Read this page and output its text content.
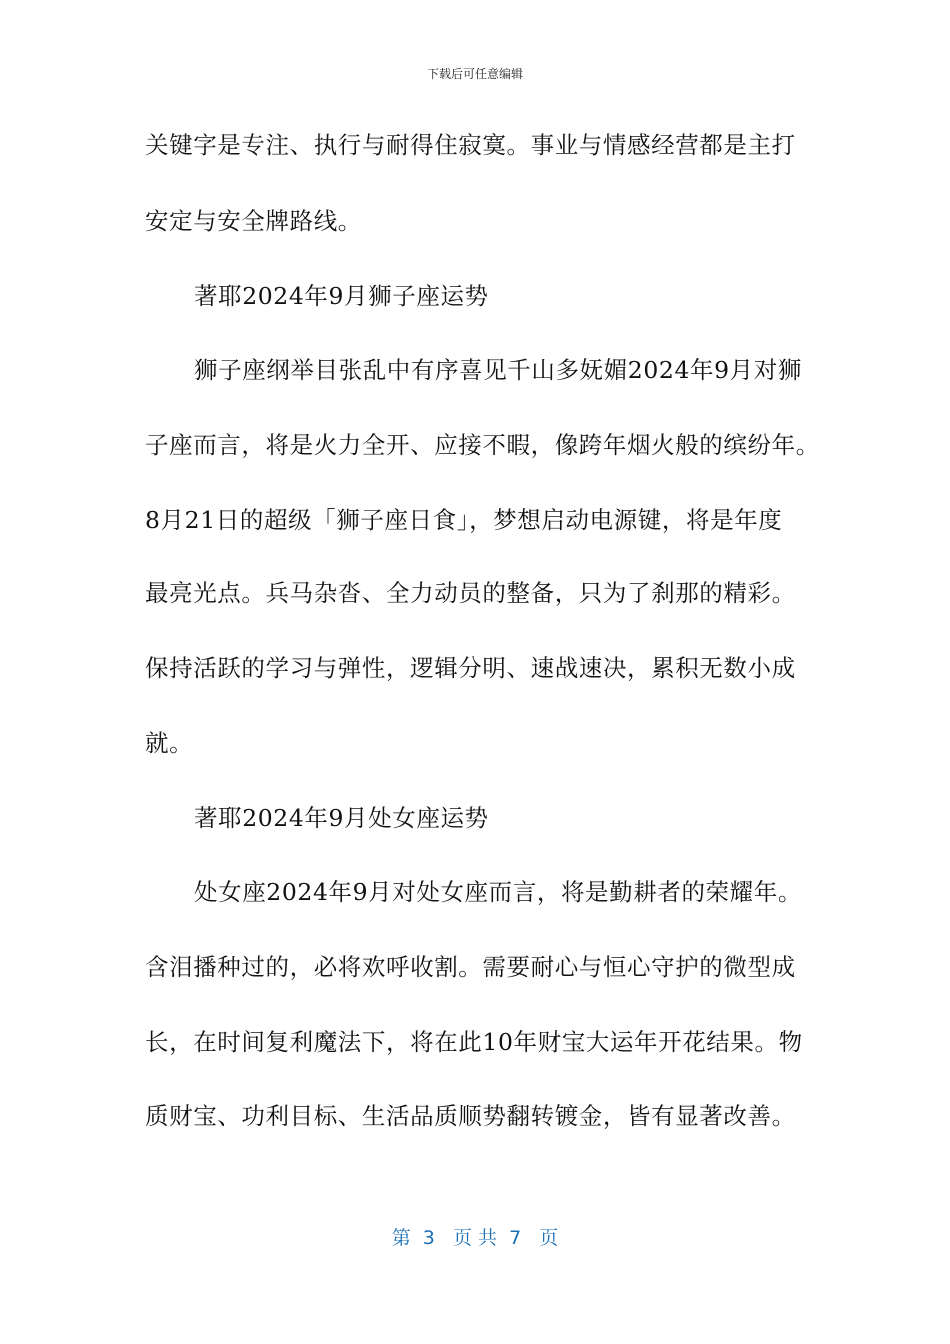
下载后可任意编辑
关键字是专注、执行与耐得住寂寞。事业与情感经营都是主打
安定与安全牌路线。
著耶2024年9月狮子座运势
狮子座纲举目张乱中有序喜见千山多妩媚2024年9月对狮
子座而言，将是火力全开、应接不暇，像跨年烟火般的缤纷年。
8月21日的超级「狮子座日食」，梦想启动电源键，将是年度
最亮光点。兵马杂沓、全力动员的整备，只为了刹那的精彩。
保持活跃的学习与弹性，逻辑分明、速战速决，累积无数小成
就。
著耶2024年9月处女座运势
处女座2024年9月对处女座而言，将是勤耕者的荣耀年。
含泪播种过的，必将欢呼收割。需要耐心与恒心守护的微型成
长，在时间复利魔法下，将在此10年财宝大运年开花结果。物
质财宝、功利目标、生活品质顺势翻转镀金，皆有显著改善。
第  3   页 共  7   页
